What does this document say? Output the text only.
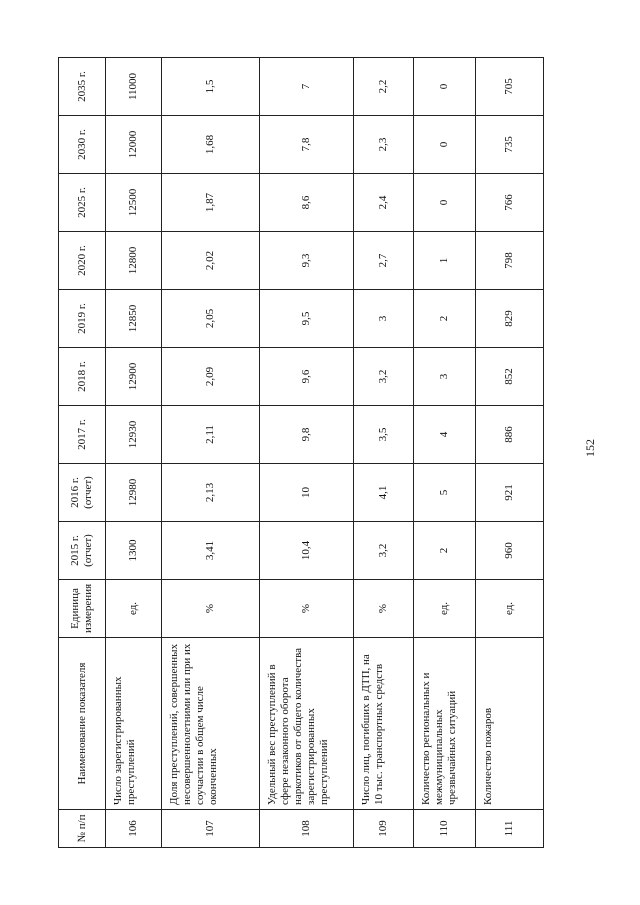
№ п/п	Наименование показателя	Единица измерения	2015 г. (отчет)	2016 г. (отчет)	2017 г.	2018 г.	2019 г.	2020 г.	2025 г.	2030 г.	2035 г.
106	Число зарегистрированных преступлений	ед.	1300	12980	12930	12900	12850	12800	12500	12000	11000
107	Доля преступлений, совершенных несовершеннолетними или при их соучастии в общем числе оконченных	%	3,41	2,13	2,11	2,09	2,05	2,02	1,87	1,68	1,5
108	Удельный вес преступлений в сфере незаконного оборота наркотиков от общего количества зарегистрированных преступлений	%	10,4	10	9,8	9,6	9,5	9,3	8,6	7,8	7
109	Число лиц, погибших в ДТП, на 10 тыс. транспортных средств	%	3,2	4,1	3,5	3,2	3	2,7	2,4	2,3	2,2
110	Количество региональных и межмуниципальных чрезвычайных ситуаций	ед.	2	5	4	3	2	1	0	0	0
111	Количество пожаров	ед.	960	921	886	852	829	798	766	735	705
152
